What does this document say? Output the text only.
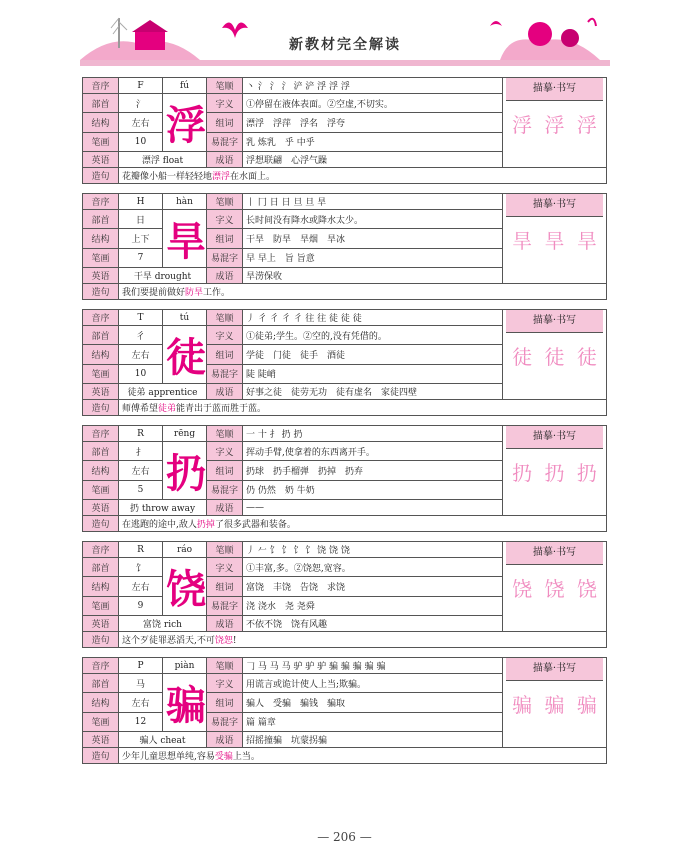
新教材完全解读
音序	F	fú	笔顺	丶 氵 氵 氵 浐 浐 浮 浮 浮	描摹·书写
浮 浮 浮

部首	氵	浮	字义	①停留在液体表面。②空虚,不切实。	
结构	左右		组词	漂浮　浮萍　浮名　浮夸	
笔画	10		易混字	乳 炼乳　乎 中乎	
英语	漂浮 float		成语	浮想联翩　心浮气躁	
造句	花瓣像小船一样轻轻地漂浮在水面上。				
音序	H	hàn	笔顺	丨 冂 日 日 旦 旦 旱	描摹·书写
旱 旱 旱

部首	日	旱	字义	长时间没有降水或降水太少。	
结构	上下		组词	干旱　防旱　旱烟　旱冰	
笔画	7		易混字	早 早上　旨 旨意	
英语	干旱 drought		成语	旱涝保收	
造句	我们要提前做好防旱工作。				
音序	T	tú	笔顺	丿 彳 彳 彳 彳 往 往 徒 徒 徒	描摹·书写
徒 徒 徒

部首	彳	徒	字义	①徒弟;学生。②空的,没有凭借的。	
结构	左右		组词	学徒　门徒　徒手　酒徒	
笔画	10		易混字	陡 陡峭	
英语	徒弟 apprentice		成语	好事之徒　徒劳无功　徒有虚名　家徒四壁	
造句	师傅希望徒弟能青出于蓝而胜于蓝。				
音序	R	rēng	笔顺	一 十 扌 扔 扔	描摹·书写
扔 扔 扔

部首	扌	扔	字义	挥动手臂,使拿着的东西离开手。	
结构	左右		组词	扔球　扔手榴弹　扔掉　扔弃	
笔画	5		易混字	仍 仍然　奶 牛奶	
英语	扔 throw away		成语	——	
造句	在逃跑的途中,敌人扔掉了很多武器和装备。				
音序	R	ráo	笔顺	丿 𠂉 饣 饣 饣 饣 饶 饶 饶	描摹·书写
饶 饶 饶

部首	饣	饶	字义	①丰富,多。②饶恕,宽容。	
结构	左右		组词	富饶　丰饶　告饶　求饶	
笔画	9		易混字	浇 浇水　尧 尧舜	
英语	富饶 rich		成语	不依不饶　饶有风趣	
造句	这个歹徒罪恶滔天,不可饶恕!				
音序	P	piàn	笔顺	𠃌 马 马 马 驴 驴 驴 骗 骗 骗 骗 骗	描摹·书写
骗 骗 骗

部首	马	骗	字义	用谎言或诡计使人上当;欺骗。	
结构	左右		组词	骗人　受骗　骗钱　骗取	
笔画	12		易混字	篇 篇章	
英语	骗人 cheat		成语	招摇撞骗　坑蒙拐骗	
造句	少年儿童思想单纯,容易受骗上当。				
— 206 —
